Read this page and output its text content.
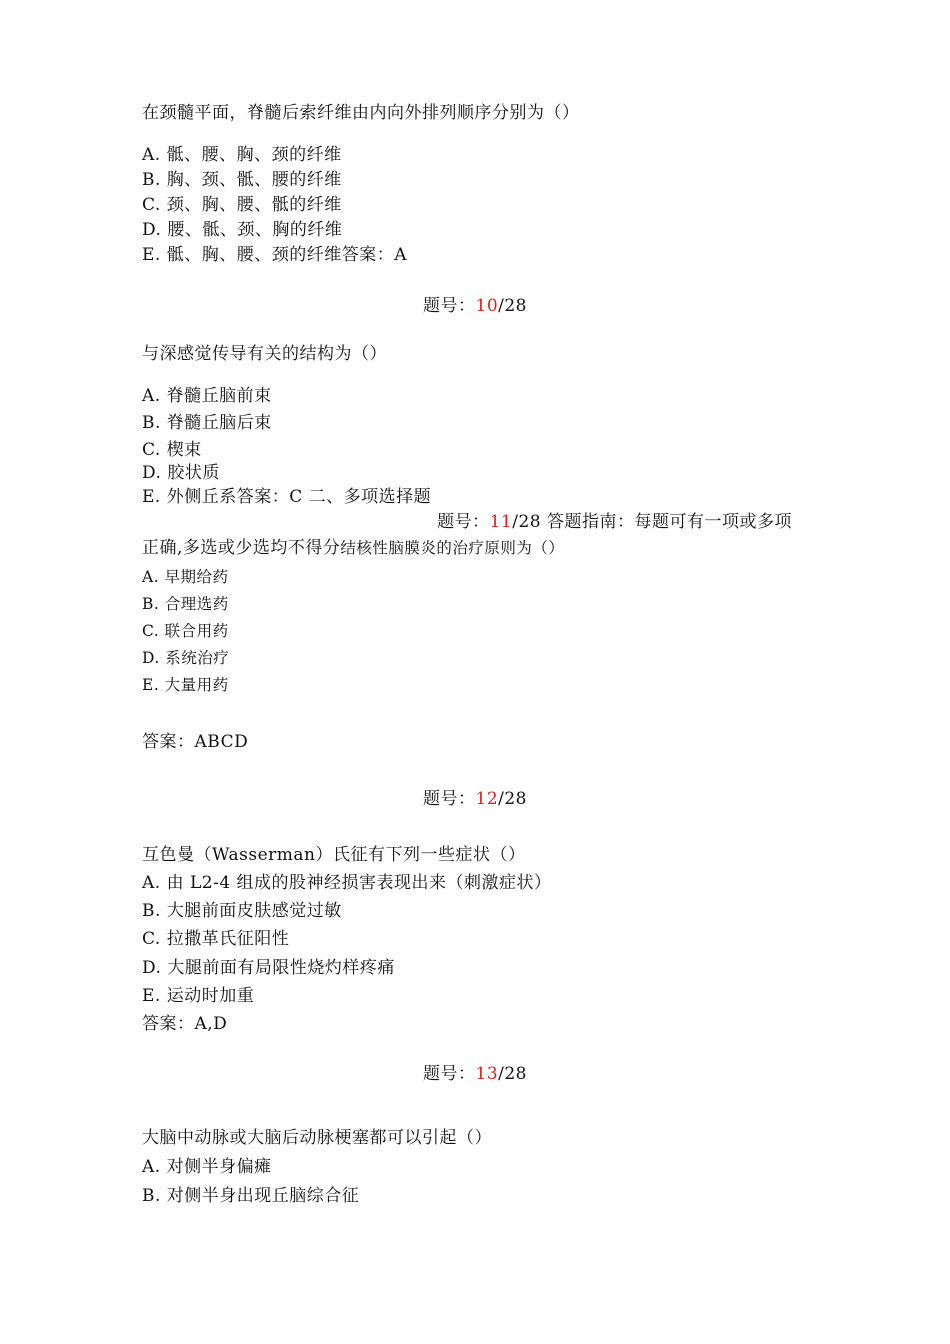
在颈髓平面，脊髓后索纤维由内向外排列顺序分别为（）
A. 骶、腰、胸、颈的纤维
B. 胸、颈、骶、腰的纤维
C. 颈、胸、腰、骶的纤维
D. 腰、骶、颈、胸的纤维
E. 骶、胸、腰、颈的纤维答案：A
题号：10/28
与深感觉传导有关的结构为（）
A. 脊髓丘脑前束
B. 脊髓丘脑后束
C. 楔束
D. 胶状质
E. 外侧丘系答案：C 二、多项选择题
题号：11/28 答题指南：每题可有一项或多项
正确,多选或少选均不得分结核性脑膜炎的治疗原则为（）
A. 早期给药
B. 合理选药
C. 联合用药
D. 系统治疗
E. 大量用药
答案：ABCD
题号：12/28
互色曼（Wasserman）氏征有下列一些症状（）
A. 由 L2-4 组成的股神经损害表现出来（刺激症状）
B. 大腿前面皮肤感觉过敏
C. 拉撒革氏征阳性
D. 大腿前面有局限性烧灼样疼痛
E. 运动时加重
答案：A,D
题号：13/28
大脑中动脉或大脑后动脉梗塞都可以引起（）
A. 对侧半身偏瘫
B. 对侧半身出现丘脑综合征
